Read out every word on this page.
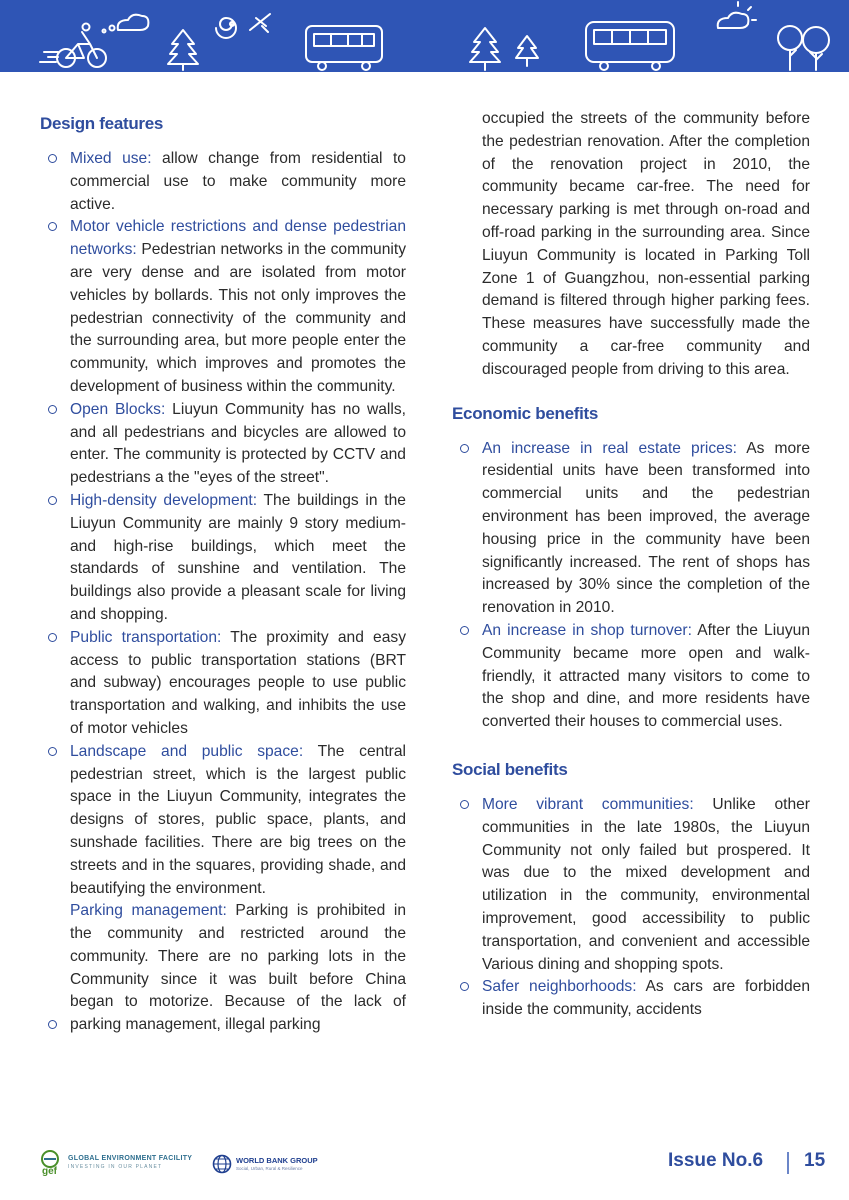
Design features
Mixed use: allow change from residential to commercial use to make community more active.
Motor vehicle restrictions and dense pedestrian networks: Pedestrian networks in the community are very dense and are isolated from motor vehicles by bollards. This not only improves the pedestrian connectivity of the community and the surrounding area, but more people enter the community, which improves and promotes the development of business within the community.
Open Blocks: Liuyun Community has no walls, and all pedestrians and bicycles are allowed to enter. The community is protected by CCTV and pedestrians a the "eyes of the street".
High-density development: The buildings in the Liuyun Community are mainly 9 story medium- and high-rise buildings, which meet the standards of sunshine and ventilation. The buildings also provide a pleasant scale for living and shopping.
Public transportation: The proximity and easy access to public transportation stations (BRT and subway) encourages people to use public transportation and walking, and inhibits the use of motor vehicles
Landscape and public space: The central pedestrian street, which is the largest public space in the Liuyun Community, integrates the designs of stores, public space, plants, and sunshade facilities. There are big trees on the streets and in the squares, providing shade, and beautifying the environment.
Parking management: Parking is prohibited in the community and restricted around the community. There are no parking lots in the Community since it was built before China began to motorize. Because of the lack of parking management, illegal parking

occupied the streets of the community before the pedestrian renovation. After the completion of the renovation project in 2010, the community became car-free. The need for necessary parking is met through on-road and off-road parking in the surrounding area. Since Liuyun Community is located in Parking Toll Zone 1 of Guangzhou, non-essential parking demand is filtered through higher parking fees. These measures have successfully made the community a car-free community and discouraged people from driving to this area.

Economic benefits
An increase in real estate prices: As more residential units have been transformed into commercial units and the pedestrian environment has been improved, the average housing price in the community have been significantly increased. The rent of shops has increased by 30% since the completion of the renovation in 2010.
An increase in shop turnover: After the Liuyun Community became more open and walk-friendly, it attracted many visitors to come to the shop and dine, and more residents have converted their houses to commercial uses.
Social benefits
More vibrant communities: Unlike other communities in the late 1980s, the Liuyun Community not only failed but prospered. It was due to the mixed development and utilization in the community, environmental improvement, good accessibility to public transportation, and convenient and accessible Various dining and shopping spots.
Safer neighborhoods: As cars are forbidden inside the community, accidents
gef
GLOBAL ENVIRONMENT FACILITY
INVESTING IN OUR PLANET
WORLD BANK GROUP
Social, Urban, Rural & Resilience	Issue No.6 15
